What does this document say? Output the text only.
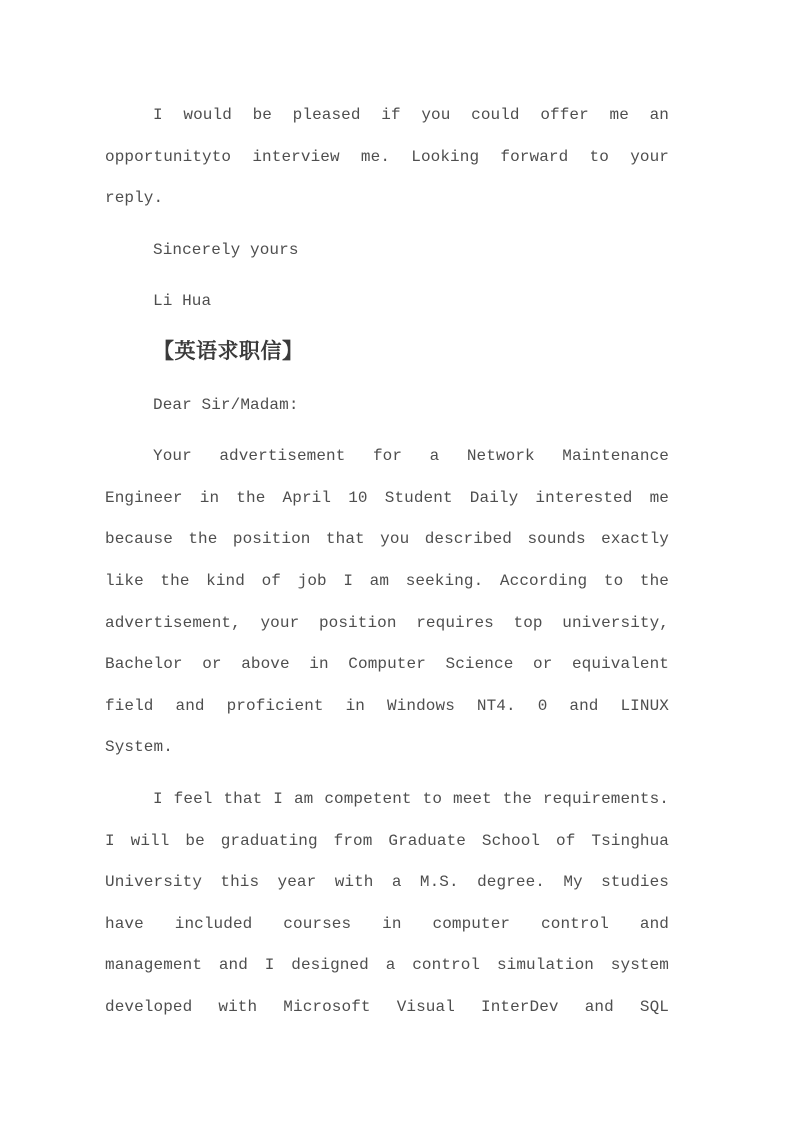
I would be pleased if you could offer me an
opportunityto interview me. Looking forward to your
reply.
Sincerely yours
Li Hua
【英语求职信】
Dear Sir/Madam:
Your advertisement for a Network Maintenance
Engineer in the April 10 Student Daily interested me
because the position that you described sounds exactly
like the kind of job I am seeking. According to the
advertisement, your position requires top university,
Bachelor or above in Computer Science or equivalent
field and proficient in Windows NT4. 0 and LINUX
System.
I feel that I am competent to meet the requirements.
I will be graduating from Graduate School of Tsinghua
University this year with a M.S. degree. My studies
have included courses in computer control and
management and I designed a control simulation system
developed with Microsoft Visual InterDev and SQL
